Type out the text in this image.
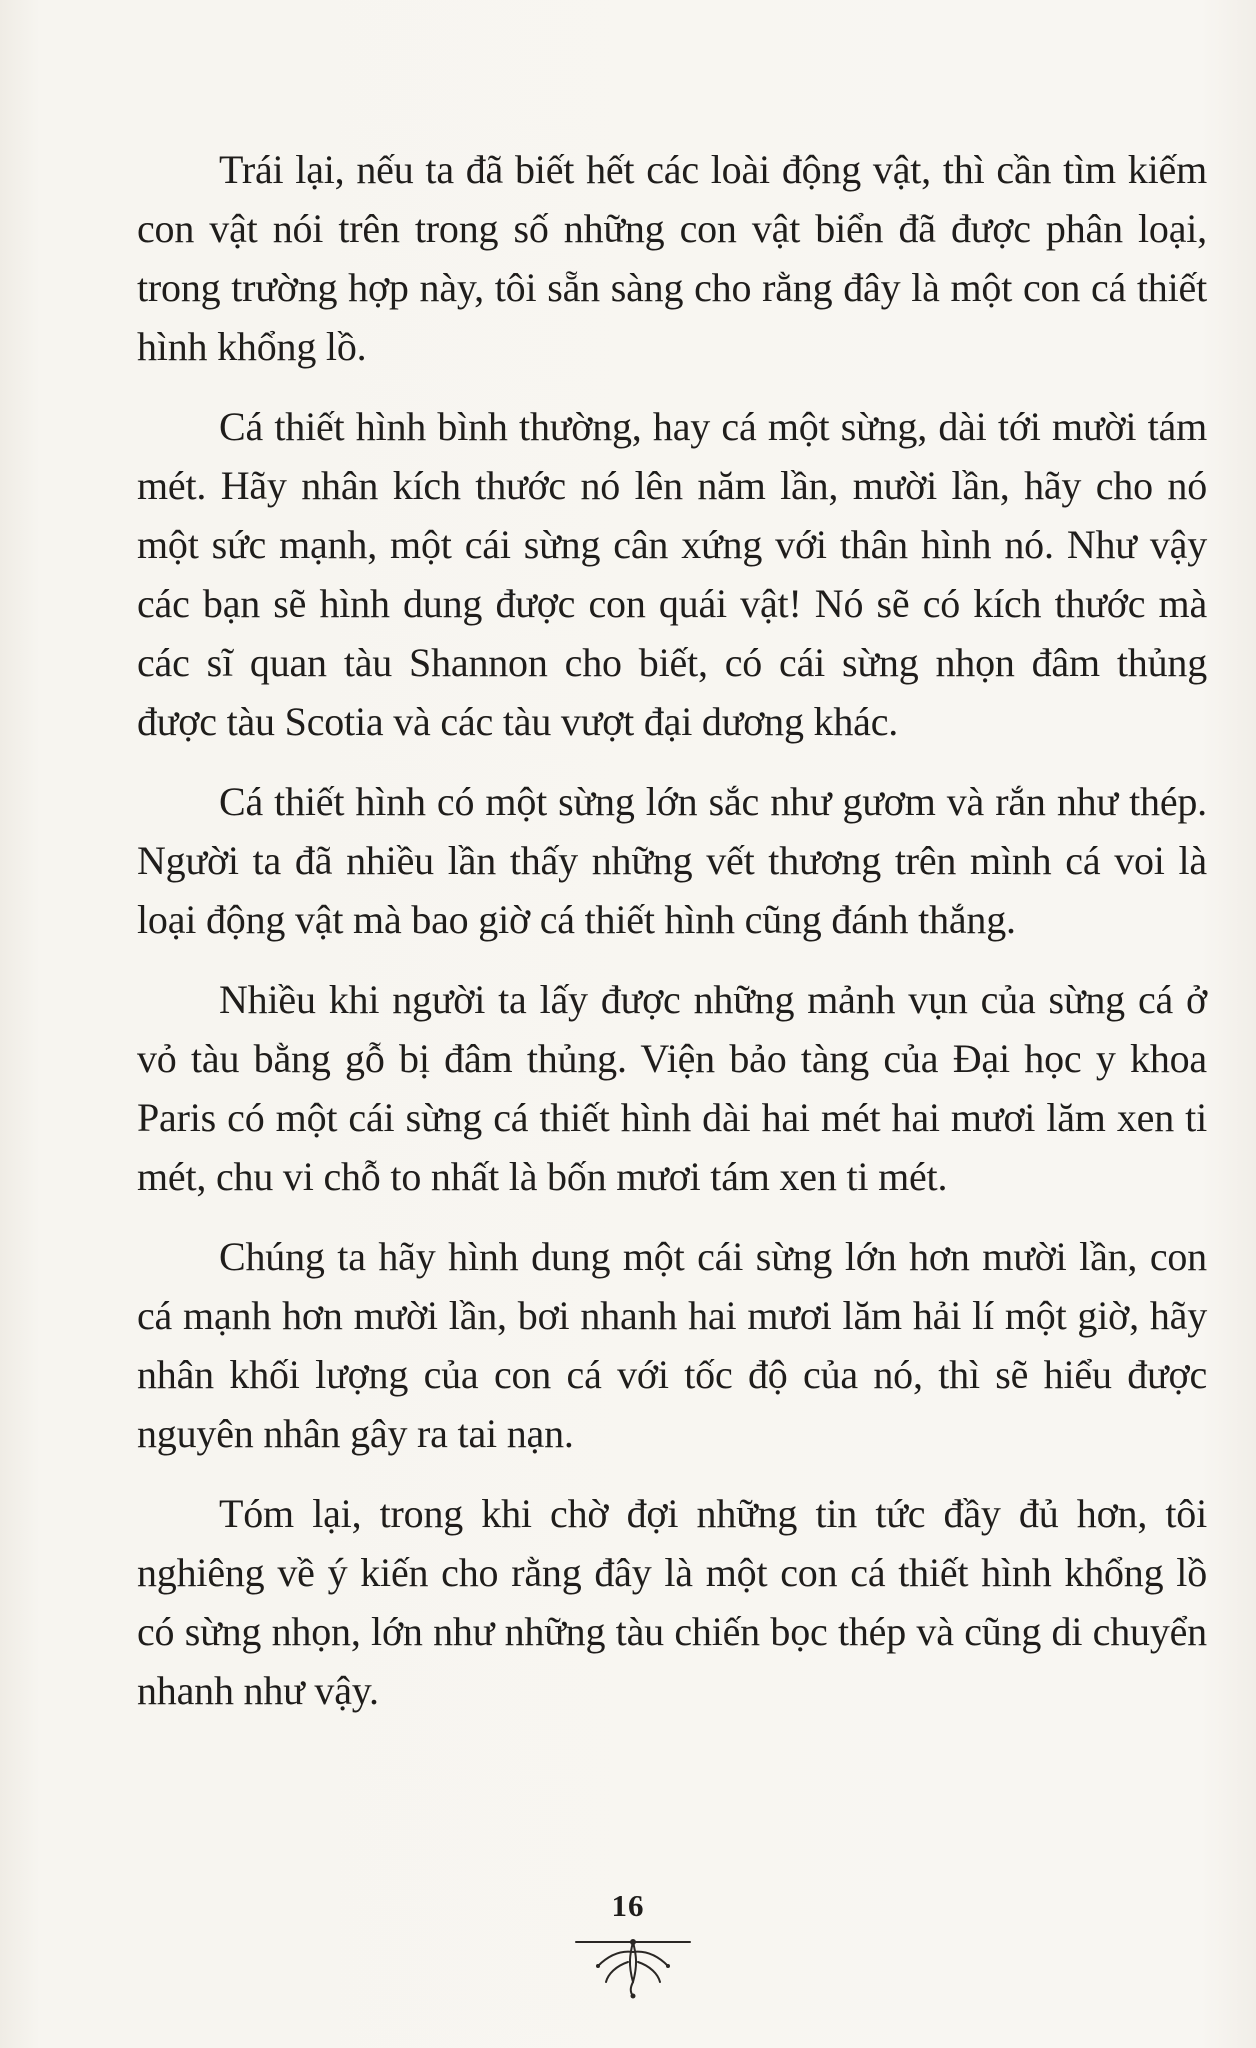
Trái lại, nếu ta đã biết hết các loài động vật, thì cần tìm kiếm con vật nói trên trong số những con vật biển đã được phân loại, trong trường hợp này, tôi sẵn sàng cho rằng đây là một con cá thiết hình khổng lồ.

Cá thiết hình bình thường, hay cá một sừng, dài tới mười tám mét. Hãy nhân kích thước nó lên năm lần, mười lần, hãy cho nó một sức mạnh, một cái sừng cân xứng với thân hình nó. Như vậy các bạn sẽ hình dung được con quái vật! Nó sẽ có kích thước mà các sĩ quan tàu Shannon cho biết, có cái sừng nhọn đâm thủng được tàu Scotia và các tàu vượt đại dương khác.

Cá thiết hình có một sừng lớn sắc như gươm và rắn như thép. Người ta đã nhiều lần thấy những vết thương trên mình cá voi là loại động vật mà bao giờ cá thiết hình cũng đánh thắng.

Nhiều khi người ta lấy được những mảnh vụn của sừng cá ở vỏ tàu bằng gỗ bị đâm thủng. Viện bảo tàng của Đại học y khoa Paris có một cái sừng cá thiết hình dài hai mét hai mươi lăm xen ti mét, chu vi chỗ to nhất là bốn mươi tám xen ti mét.

Chúng ta hãy hình dung một cái sừng lớn hơn mười lần, con cá mạnh hơn mười lần, bơi nhanh hai mươi lăm hải lí một giờ, hãy nhân khối lượng của con cá với tốc độ của nó, thì sẽ hiểu được nguyên nhân gây ra tai nạn.

Tóm lại, trong khi chờ đợi những tin tức đầy đủ hơn, tôi nghiêng về ý kiến cho rằng đây là một con cá thiết hình khổng lồ có sừng nhọn, lớn như những tàu chiến bọc thép và cũng di chuyển nhanh như vậy.

16
